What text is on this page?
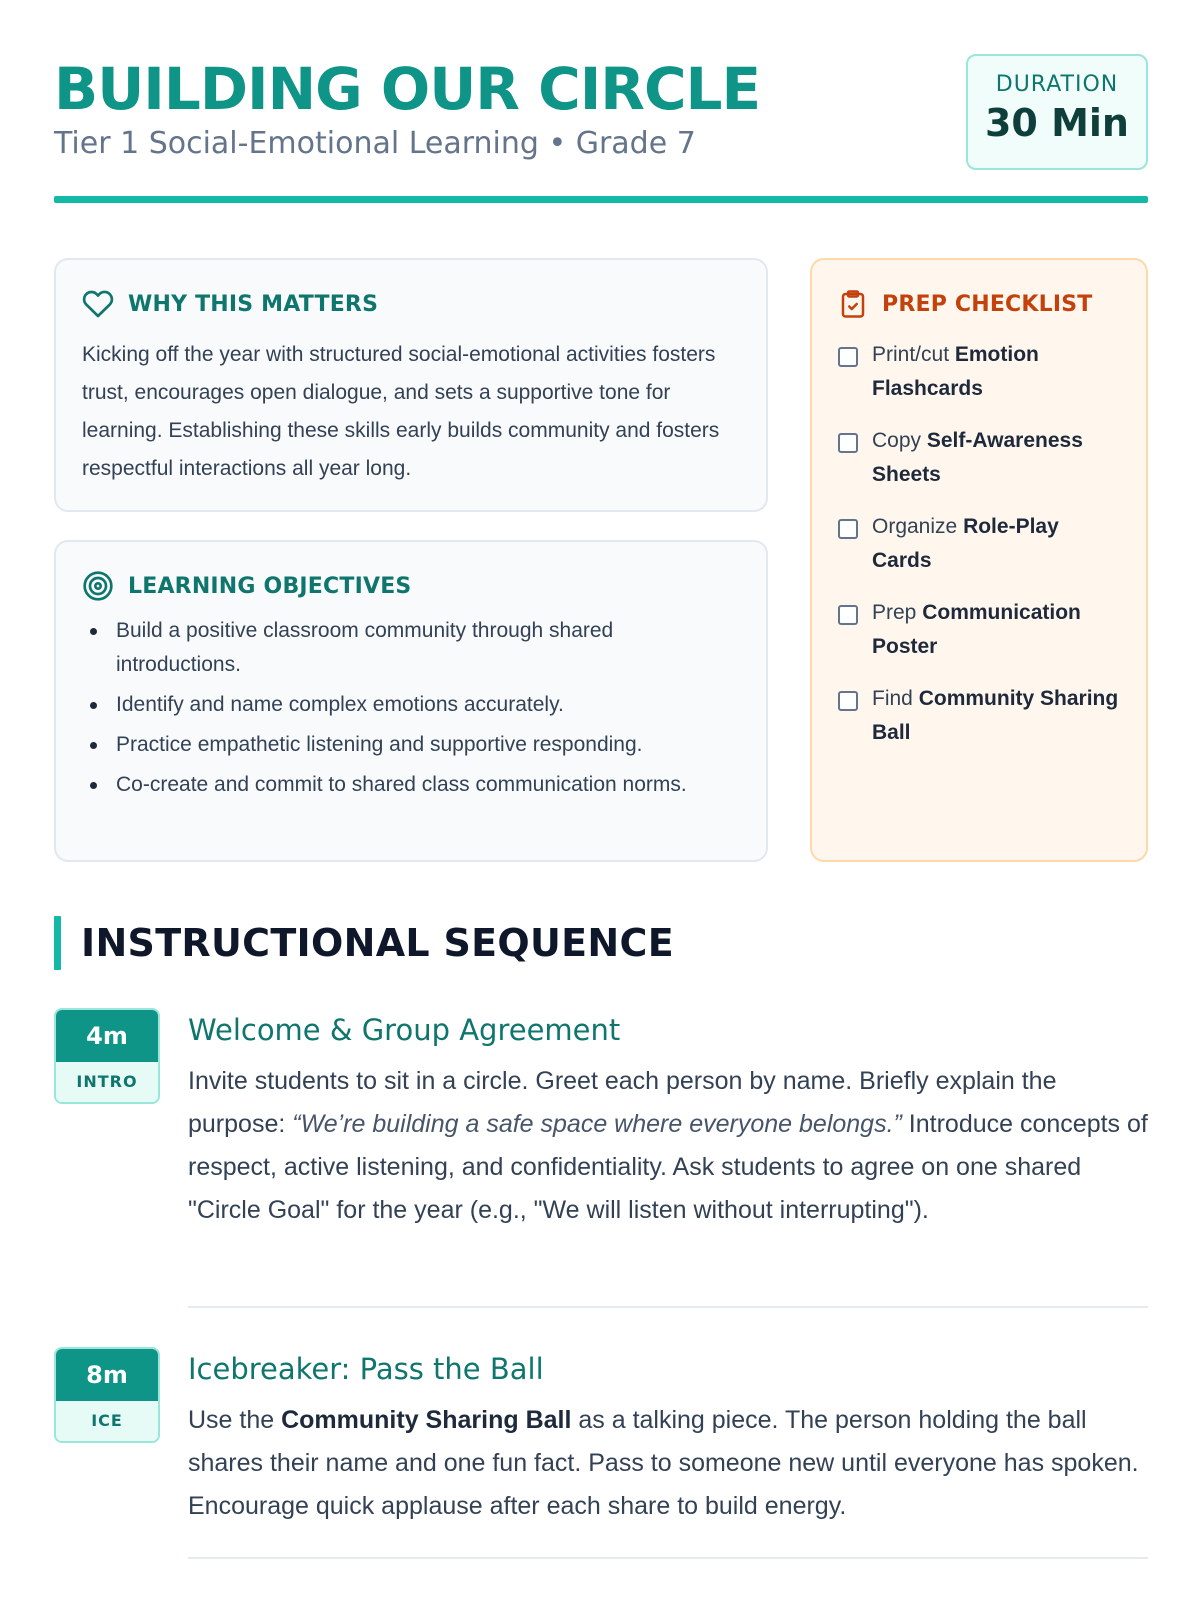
BUILDING OUR CIRCLE
Tier 1 Social-Emotional Learning • Grade 7
DURATION
30 Min
WHY THIS MATTERS

Kicking off the year with structured social-emotional activities fosters trust, encourages open dialogue, and sets a supportive tone for learning. Establishing these skills early builds community and fosters respectful interactions all year long.

LEARNING OBJECTIVES
Build a positive classroom community through shared introductions.
Identify and name complex emotions accurately.
Practice empathetic listening and supportive responding.
Co-create and commit to shared class communication norms.
PREP CHECKLIST
Print/cut Emotion Flashcards
Copy Self-Awareness Sheets
Organize Role-Play Cards
Prep Communication Poster
Find Community Sharing Ball
INSTRUCTIONAL SEQUENCE
4m
INTRO
Welcome & Group Agreement

Invite students to sit in a circle. Greet each person by name. Briefly explain the purpose: “We’re building a safe space where everyone belongs.” Introduce concepts of respect, active listening, and confidentiality. Ask students to agree on one shared "Circle Goal" for the year (e.g., "We will listen without interrupting").

8m
ICE
Icebreaker: Pass the Ball

Use the Community Sharing Ball as a talking piece. The person holding the ball shares their name and one fun fact. Pass to someone new until everyone has spoken. Encourage quick applause after each share to build energy.
